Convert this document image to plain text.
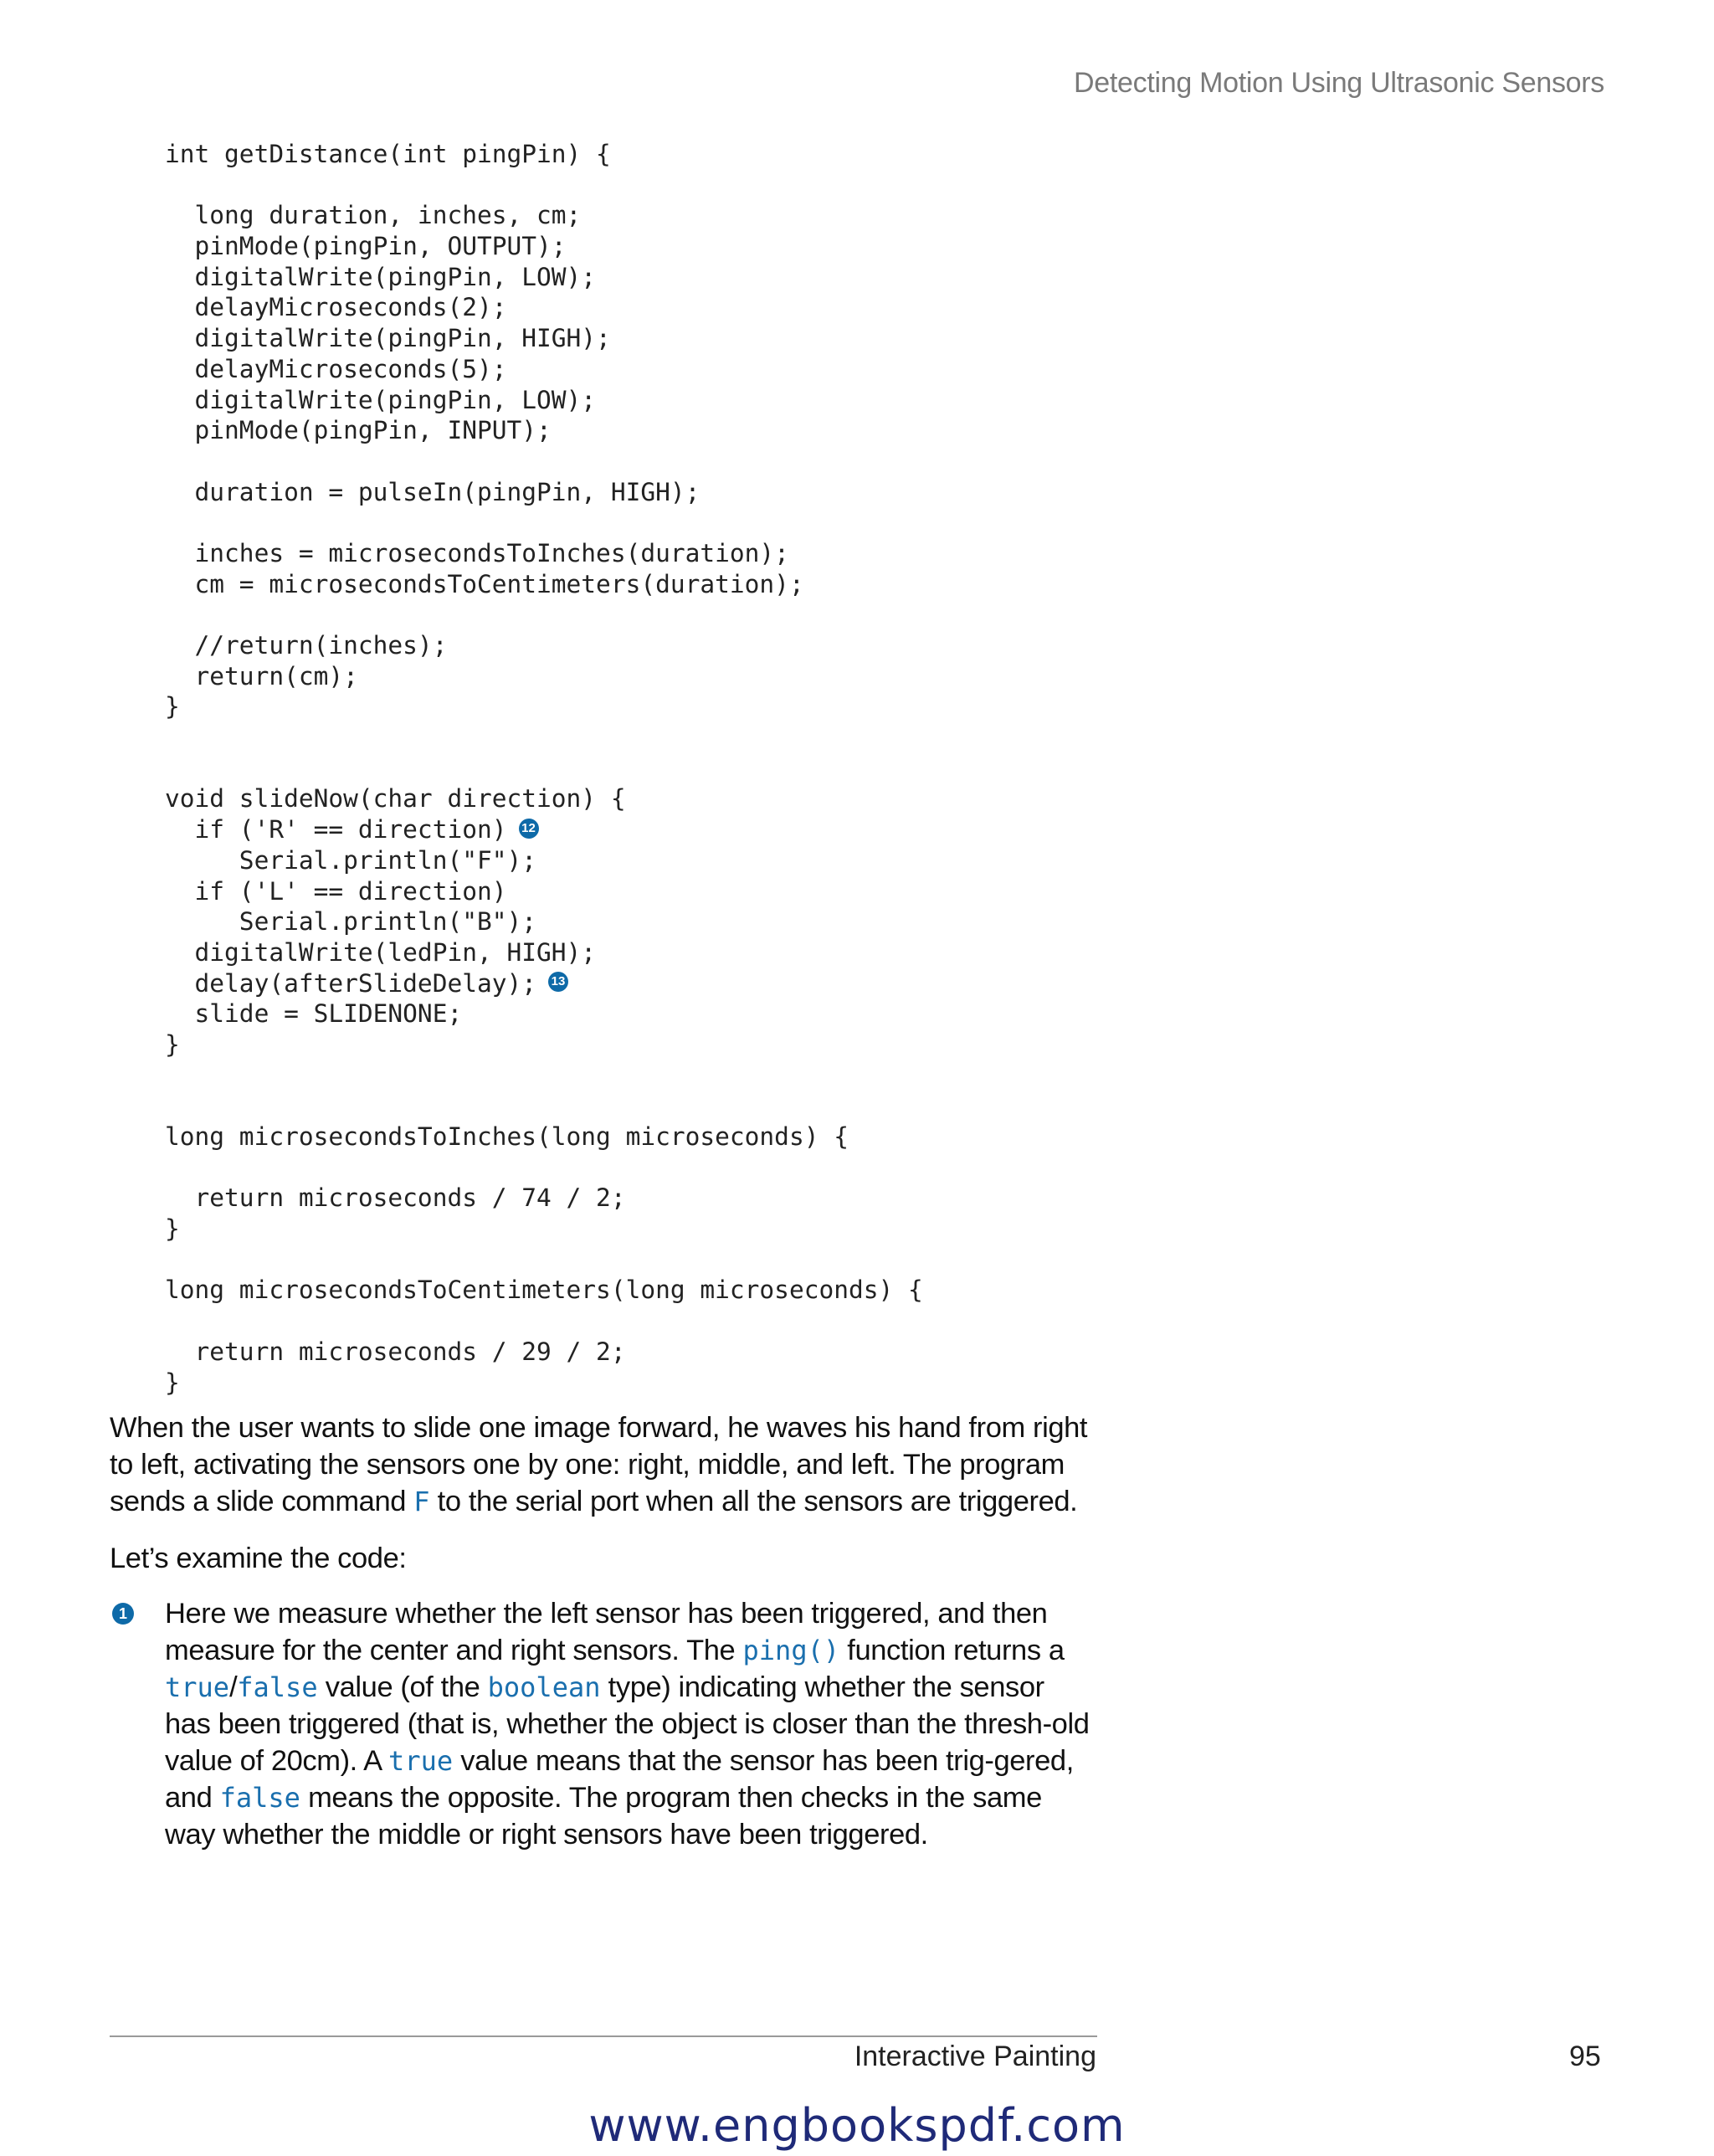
Detecting Motion Using Ultrasonic Sensors
int getDistance(int pingPin) {

long duration, inches, cm;
pinMode(pingPin, OUTPUT);
digitalWrite(pingPin, LOW);
delayMicroseconds(2);
digitalWrite(pingPin, HIGH);
delayMicroseconds(5);
digitalWrite(pingPin, LOW);
pinMode(pingPin, INPUT);

duration = pulseIn(pingPin, HIGH);

inches = microsecondsToInches(duration);
cm = microsecondsToCentimeters(duration);

//return(inches);
return(cm);
}

void slideNow(char direction) {
if ('R' == direction) 12
Serial.println("F");
if ('L' == direction)
Serial.println("B");
digitalWrite(ledPin, HIGH);
delay(afterSlideDelay); 13
slide = SLIDENONE;
}

long microsecondsToInches(long microseconds) {

return microseconds / 74 / 2;
}

long microsecondsToCentimeters(long microseconds) {

return microseconds / 29 / 2;
}

When the user wants to slide one image forward, he waves his hand from right to left, activating the sensors one by one: right, middle, and left. The program sends a slide command F to the serial port when all the sensors are triggered.

Let’s examine the code:

1 Here we measure whether the left sensor has been triggered, and then measure for the center and right sensors. The ping() function returns a true/false value (of the boolean type) indicating whether the sensor has been triggered (that is, whether the object is closer than the thresh-old value of 20cm). A true value means that the sensor has been trig-gered, and false means the opposite. The program then checks in the same way whether the middle or right sensors have been triggered.

Interactive Painting	95
www.engbookspdf.com
